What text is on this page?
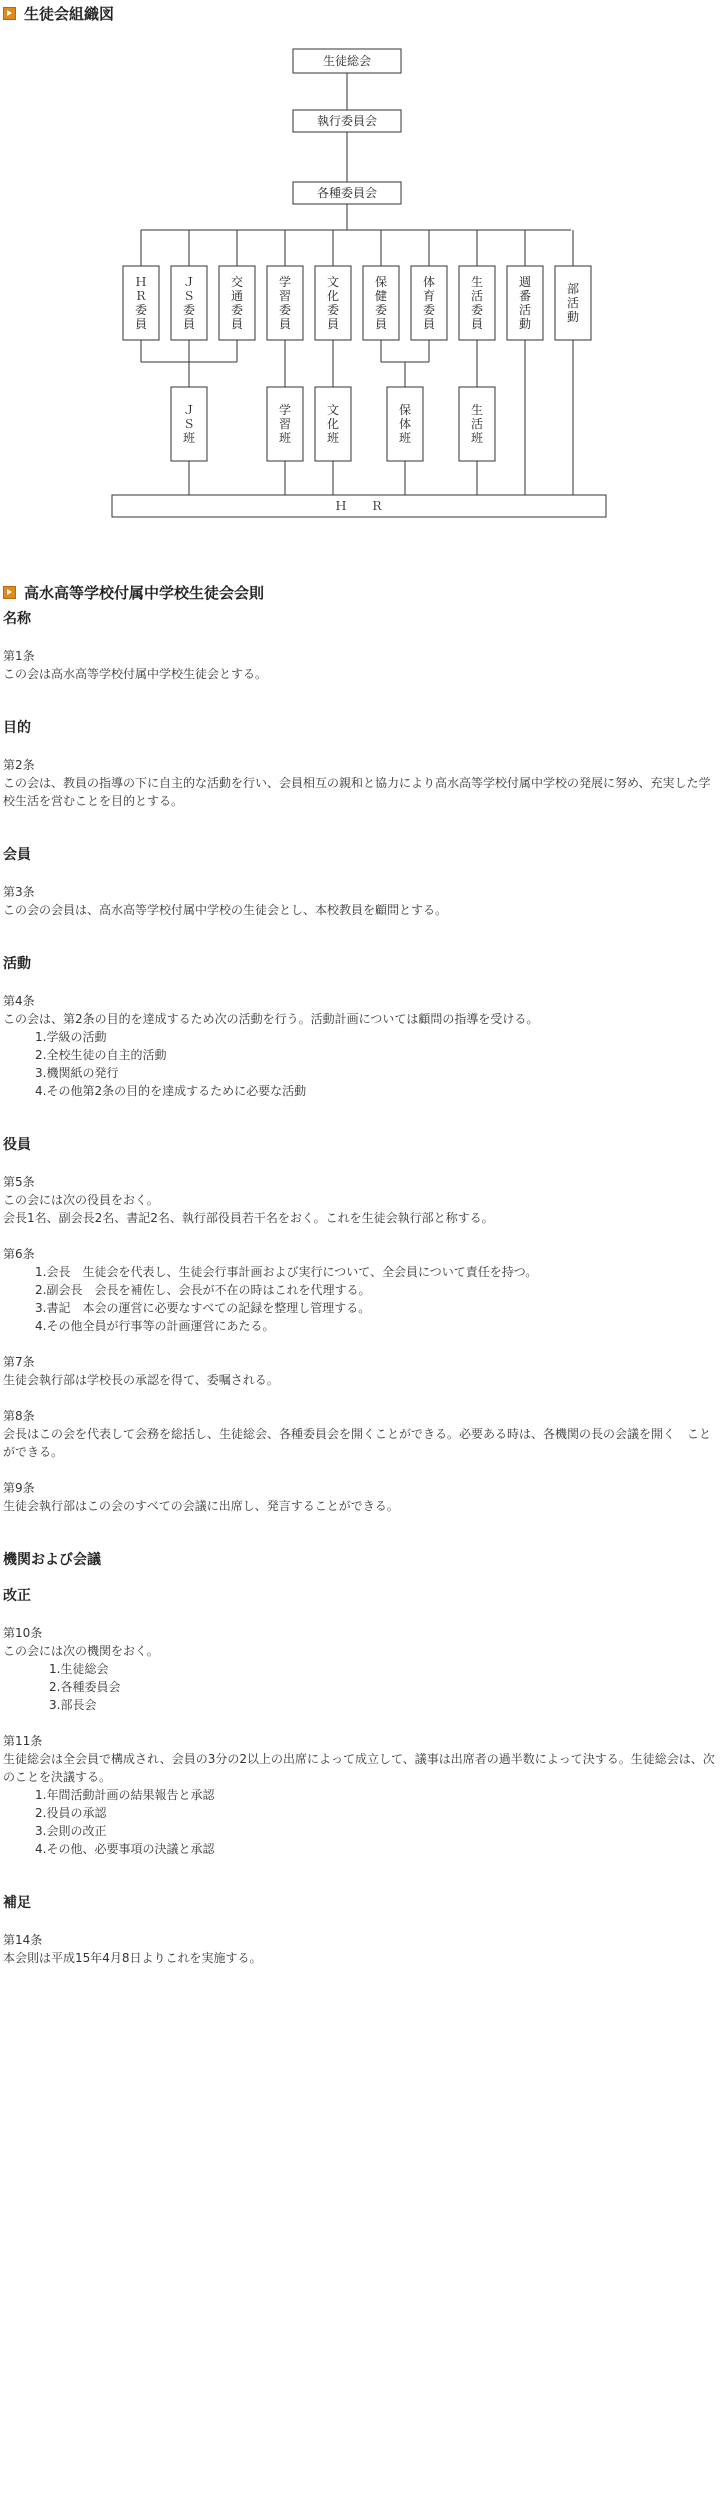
生徒会組織図
生徒総会
執行委員会
各種委員会
ＨＲ委員
ＪＳ委員
交通委員
学習委員
文化委員
保健委員
体育委員
生活委員
週番活動
部活動
ＪＳ班
学習班
文化班
保体班
生活班
Ｈ　　Ｒ
高水高等学校付属中学校生徒会会則
名称
第1条
この会は高水高等学校付属中学校生徒会とする。
目的
第2条
この会は、教員の指導の下に自主的な活動を行い、会員相互の親和と協力により高水高等学校付属中学校の発展に努め、充実した学校生活を営むことを目的とする。
会員
第3条
この会の会員は、高水高等学校付属中学校の生徒会とし、本校教員を顧問とする。
活動
第4条
この会は、第2条の目的を達成するため次の活動を行う。活動計画については顧問の指導を受ける。
1.学級の活動
2.全校生徒の自主的活動
3.機関紙の発行
4.その他第2条の目的を達成するために必要な活動
役員
第5条
この会には次の役員をおく。
会長1名、副会長2名、書記2名、執行部役員若干名をおく。これを生徒会執行部と称する。
第6条
1.会長　生徒会を代表し、生徒会行事計画および実行について、全会員について責任を持つ。
2.副会長　会長を補佐し、会長が不在の時はこれを代理する。
3.書記　本会の運営に必要なすべての記録を整理し管理する。
4.その他全員が行事等の計画運営にあたる。
第7条
生徒会執行部は学校長の承認を得て、委嘱される。
第8条
会長はこの会を代表して会務を総括し、生徒総会、各種委員会を開くことができる。必要ある時は、各機関の長の会議を開く　ことができる。
第9条
生徒会執行部はこの会のすべての会議に出席し、発言することができる。
機関および会議
改正
第10条
この会には次の機関をおく。
1.生徒総会
2.各種委員会
3.部長会
第11条
生徒総会は全会員で構成され、会員の3分の2以上の出席によって成立して、議事は出席者の過半数によって決する。生徒総会は、次のことを決議する。
1.年間活動計画の結果報告と承認
2.役員の承認
3.会則の改正
4.その他、必要事項の決議と承認
補足
第14条
本会則は平成15年4月8日よりこれを実施する。
